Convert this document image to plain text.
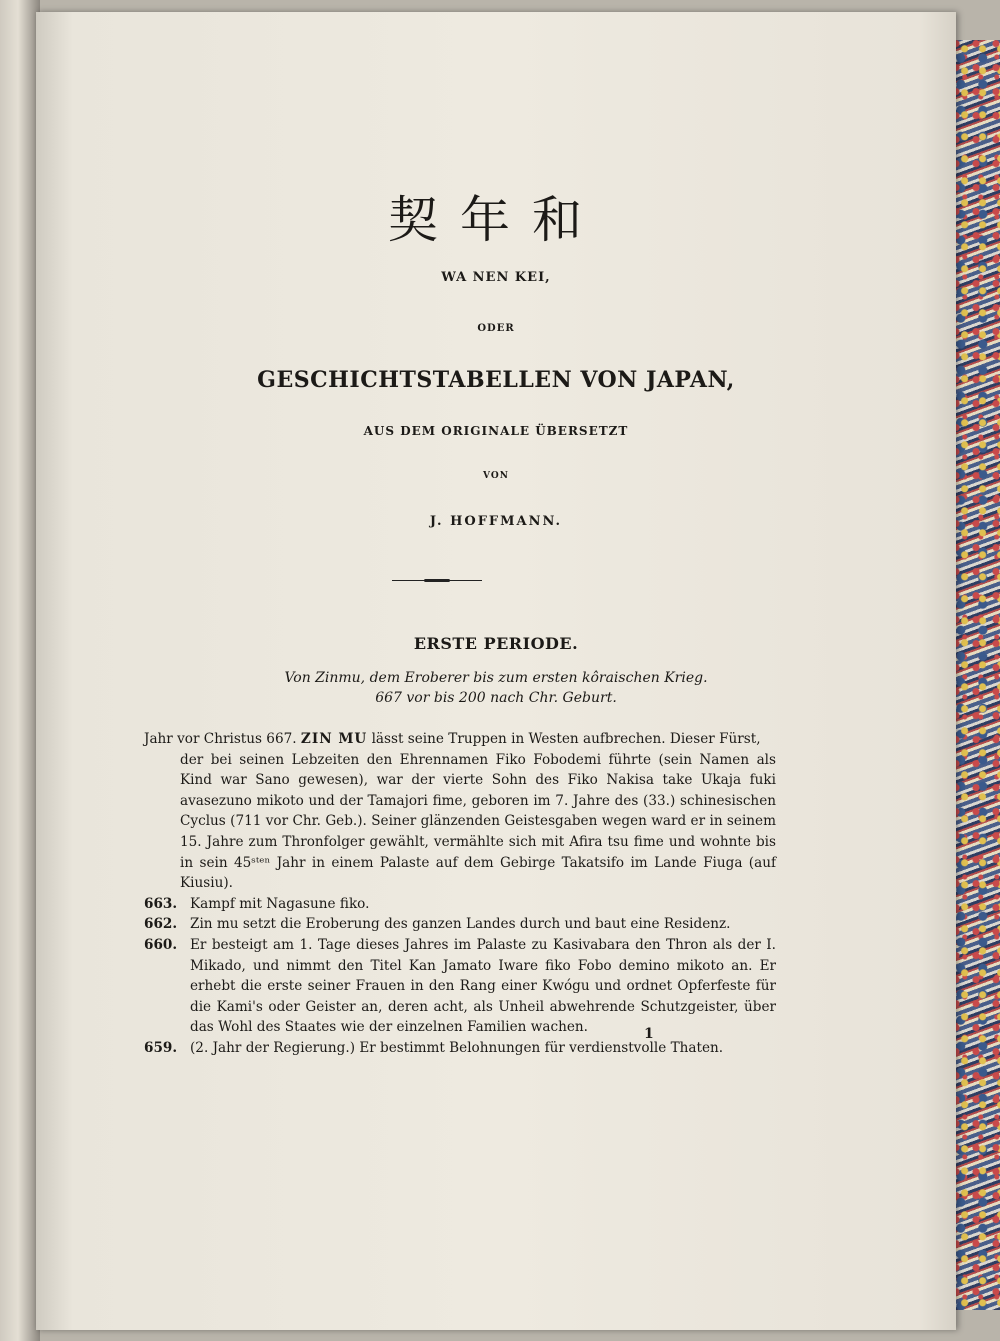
契年和
WA NEN KEI,
ODER
GESCHICHTSTABELLEN VON JAPAN,
AUS DEM ORIGINALE ÜBERSETZT
VON
J. HOFFMANN.
ERSTE PERIODE.
Von Zinmu, dem Eroberer bis zum ersten kôraischen Krieg.
667 vor bis 200 nach Chr. Geburt.
Jahr vor Christus 667. ZIN MU lässt seine Truppen in Westen aufbrechen. Dieser Fürst,
der bei seinen Lebzeiten den Ehrennamen Fiko Fobodemi führte (sein Namen als Kind war Sano gewesen), war der vierte Sohn des Fiko Nakisa take Ukaja fuki avasezuno mikoto und der Tamajori fime, geboren im 7. Jahre des (33.) schinesischen Cyclus (711 vor Chr. Geb.). Seiner glänzenden Geistesgaben wegen ward er in seinem 15. Jahre zum Thronfolger gewählt, vermählte sich mit Afira tsu fime und wohnte bis in sein 45ˢᵗᵉⁿ Jahr in einem Palaste auf dem Gebirge Takatsifo im Lande Fiuga (auf Kiusiu).
663. Kampf mit Nagasune fiko.
662. Zin mu setzt die Eroberung des ganzen Landes durch und baut eine Residenz.
660. Er besteigt am 1. Tage dieses Jahres im Palaste zu Kasivabara den Thron als der I. Mikado, und nimmt den Titel Kan Jamato Iware fiko Fobo demino mikoto an. Er erhebt die erste seiner Frauen in den Rang einer Kwógu und ordnet Opferfeste für die Kami's oder Geister an, deren acht, als Unheil abwehrende Schutzgeister, über das Wohl des Staates wie der einzelnen Familien wachen.
659. (2. Jahr der Regierung.) Er bestimmt Belohnungen für verdienstvolle Thaten.
1
